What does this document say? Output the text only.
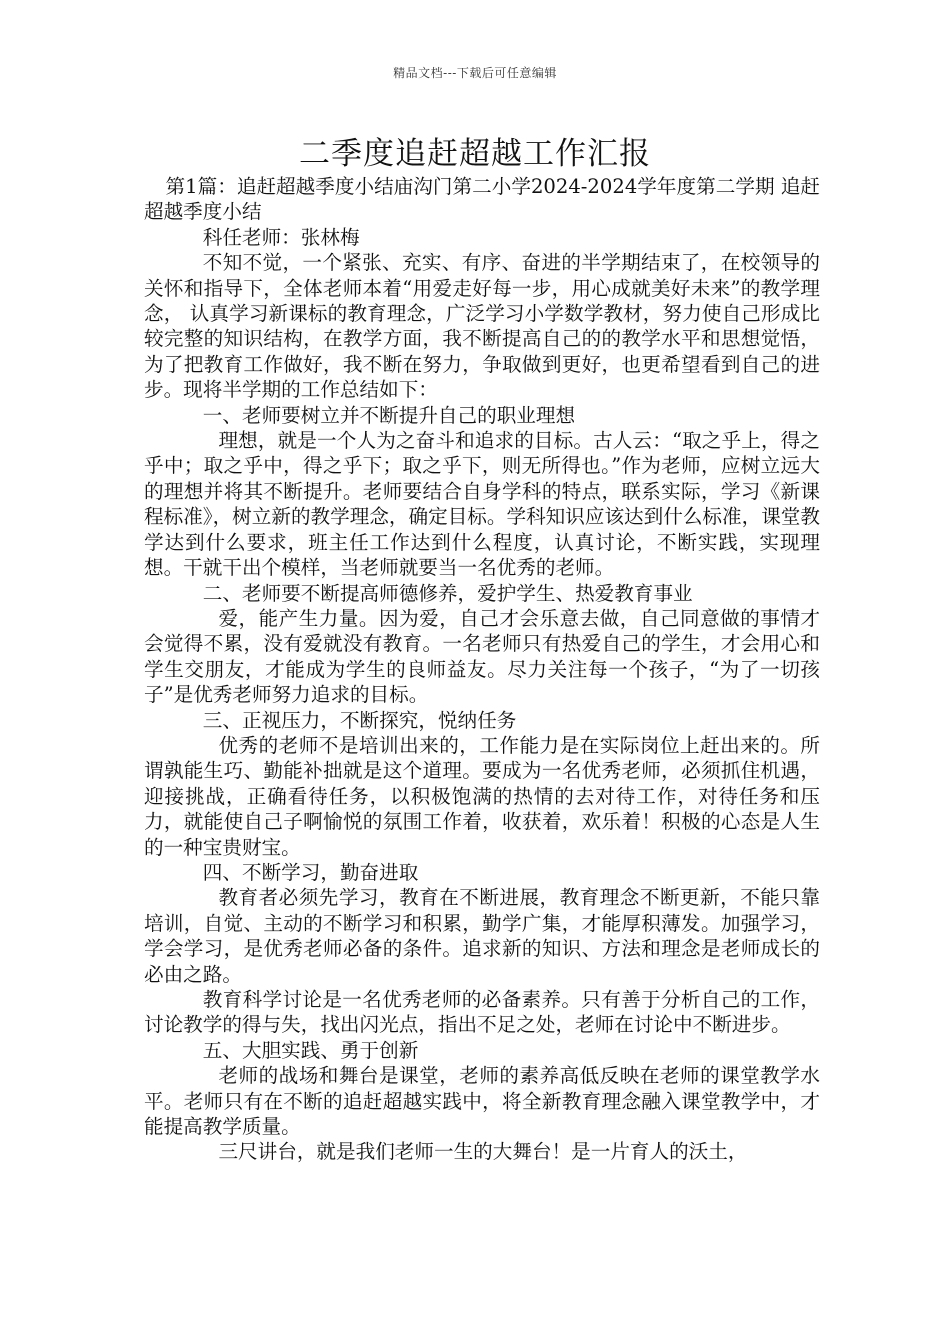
精品文档---下载后可任意编辑
二季度追赶超越工作汇报

第1篇：追赶超越季度小结庙沟门第二小学2024-2024学年度第二学期 追赶超越季度小结

科任老师：张林梅

不知不觉，一个紧张、充实、有序、奋进的半学期结束了，在校领导的关怀和指导下，全体老师本着“用爱走好每一步，用心成就美好未来”的教学理念， 认真学习新课标的教育理念，广泛学习小学数学教材，努力使自己形成比较完整的知识结构，在教学方面，我不断提高自己的的教学水平和思想觉悟，为了把教育工作做好，我不断在努力，争取做到更好，也更希望看到自己的进步。现将半学期的工作总结如下：

一、老师要树立并不断提升自己的职业理想

理想，就是一个人为之奋斗和追求的目标。古人云：“取之乎上，得之乎中；取之乎中，得之乎下；取之乎下，则无所得也。”作为老师，应树立远大的理想并将其不断提升。老师要结合自身学科的特点，联系实际，学习《新课程标准》，树立新的教学理念，确定目标。学科知识应该达到什么标准，课堂教学达到什么要求，班主任工作达到什么程度，认真讨论，不断实践，实现理想。干就干出个模样，当老师就要当一名优秀的老师。

二、老师要不断提高师德修养，爱护学生、热爱教育事业

爱，能产生力量。因为爱，自己才会乐意去做，自己同意做的事情才会觉得不累，没有爱就没有教育。一名老师只有热爱自己的学生，才会用心和学生交朋友，才能成为学生的良师益友。尽力关注每一个孩子，“为了一切孩子”是优秀老师努力追求的目标。

三、正视压力，不断探究，悦纳任务

优秀的老师不是培训出来的，工作能力是在实际岗位上赶出来的。所谓孰能生巧、勤能补拙就是这个道理。要成为一名优秀老师，必须抓住机遇，迎接挑战，正确看待任务，以积极饱满的热情的去对待工作，对待任务和压力，就能使自己子啊愉悦的氛围工作着，收获着，欢乐着！积极的心态是人生的一种宝贵财宝。

四、不断学习，勤奋进取

教育者必须先学习，教育在不断进展，教育理念不断更新，不能只靠培训，自觉、主动的不断学习和积累，勤学广集，才能厚积薄发。加强学习，学会学习，是优秀老师必备的条件。追求新的知识、方法和理念是老师成长的必由之路。

教育科学讨论是一名优秀老师的必备素养。只有善于分析自己的工作，讨论教学的得与失，找出闪光点，指出不足之处，老师在讨论中不断进步。

五、大胆实践、勇于创新

老师的战场和舞台是课堂，老师的素养高低反映在老师的课堂教学水平。老师只有在不断的追赶超越实践中，将全新教育理念融入课堂教学中，才能提高教学质量。

三尺讲台，就是我们老师一生的大舞台！是一片育人的沃土，
